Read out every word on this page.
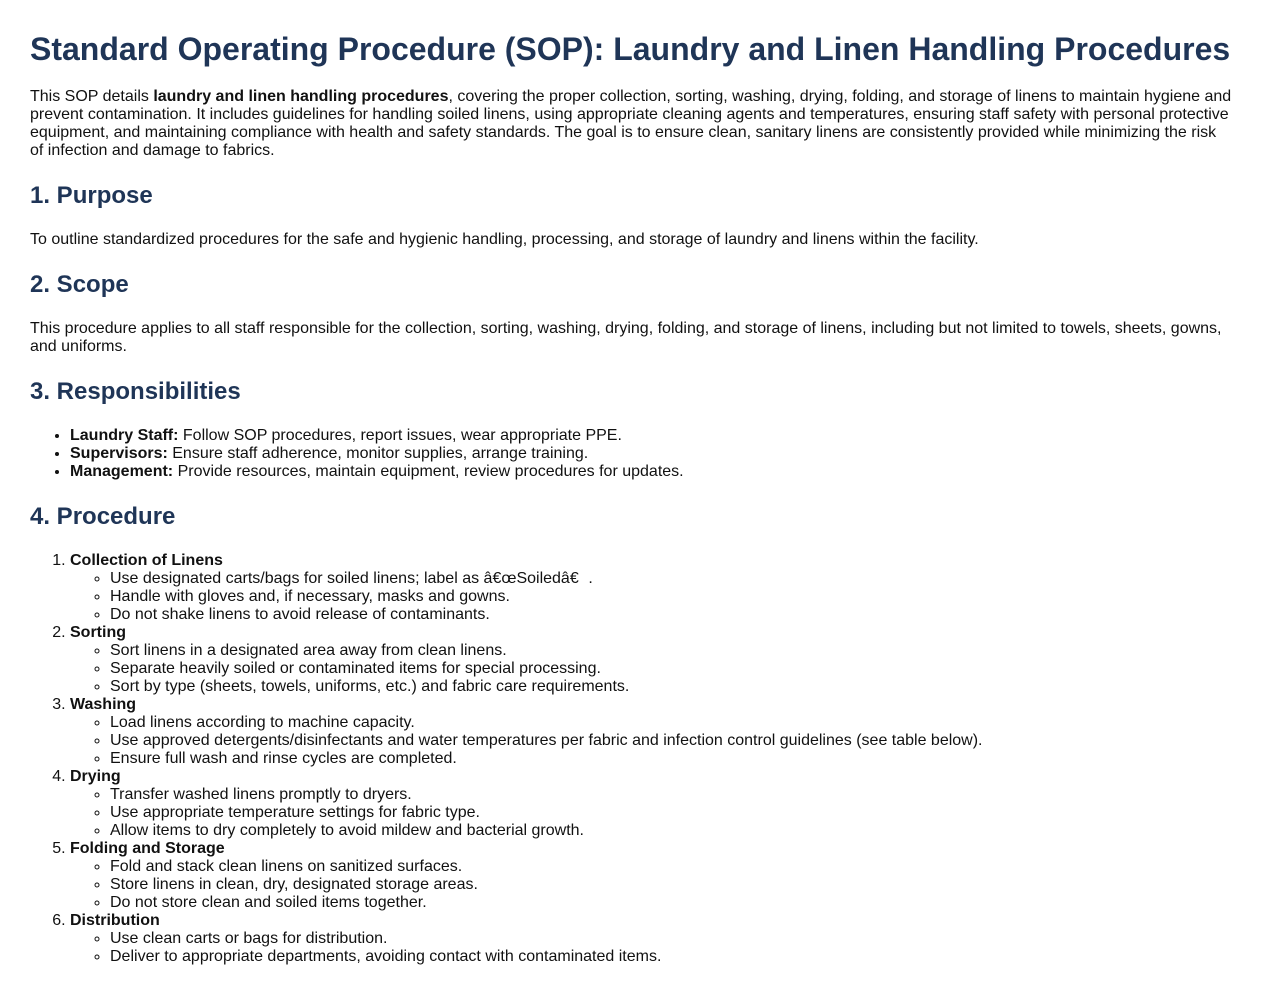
Standard Operating Procedure (SOP): Laundry and Linen Handling Procedures

This SOP details laundry and linen handling procedures, covering the proper collection, sorting, washing, drying, folding, and storage of linens to maintain hygiene and prevent contamination. It includes guidelines for handling soiled linens, using appropriate cleaning agents and temperatures, ensuring staff safety with personal protective equipment, and maintaining compliance with health and safety standards. The goal is to ensure clean, sanitary linens are consistently provided while minimizing the risk of infection and damage to fabrics.

1. Purpose

To outline standardized procedures for the safe and hygienic handling, processing, and storage of laundry and linens within the facility.

2. Scope

This procedure applies to all staff responsible for the collection, sorting, washing, drying, folding, and storage of linens, including but not limited to towels, sheets, gowns, and uniforms.

3. Responsibilities
• Laundry Staff: Follow SOP procedures, report issues, wear appropriate PPE.
• Supervisors: Ensure staff adherence, monitor supplies, arrange training.
• Management: Provide resources, maintain equipment, review procedures for updates.
4. Procedure
1. Collection of Linens
◦ Use designated carts/bags for soiled linens; label as â€œSoiledâ€.
◦ Handle with gloves and, if necessary, masks and gowns.
◦ Do not shake linens to avoid release of contaminants.
2. Sorting
◦ Sort linens in a designated area away from clean linens.
◦ Separate heavily soiled or contaminated items for special processing.
◦ Sort by type (sheets, towels, uniforms, etc.) and fabric care requirements.
3. Washing
◦ Load linens according to machine capacity.
◦ Use approved detergents/disinfectants and water temperatures per fabric and infection control guidelines (see table below).
◦ Ensure full wash and rinse cycles are completed.
4. Drying
◦ Transfer washed linens promptly to dryers.
◦ Use appropriate temperature settings for fabric type.
◦ Allow items to dry completely to avoid mildew and bacterial growth.
5. Folding and Storage
◦ Fold and stack clean linens on sanitized surfaces.
◦ Store linens in clean, dry, designated storage areas.
◦ Do not store clean and soiled items together.
6. Distribution
◦ Use clean carts or bags for distribution.
◦ Deliver to appropriate departments, avoiding contact with contaminated items.
